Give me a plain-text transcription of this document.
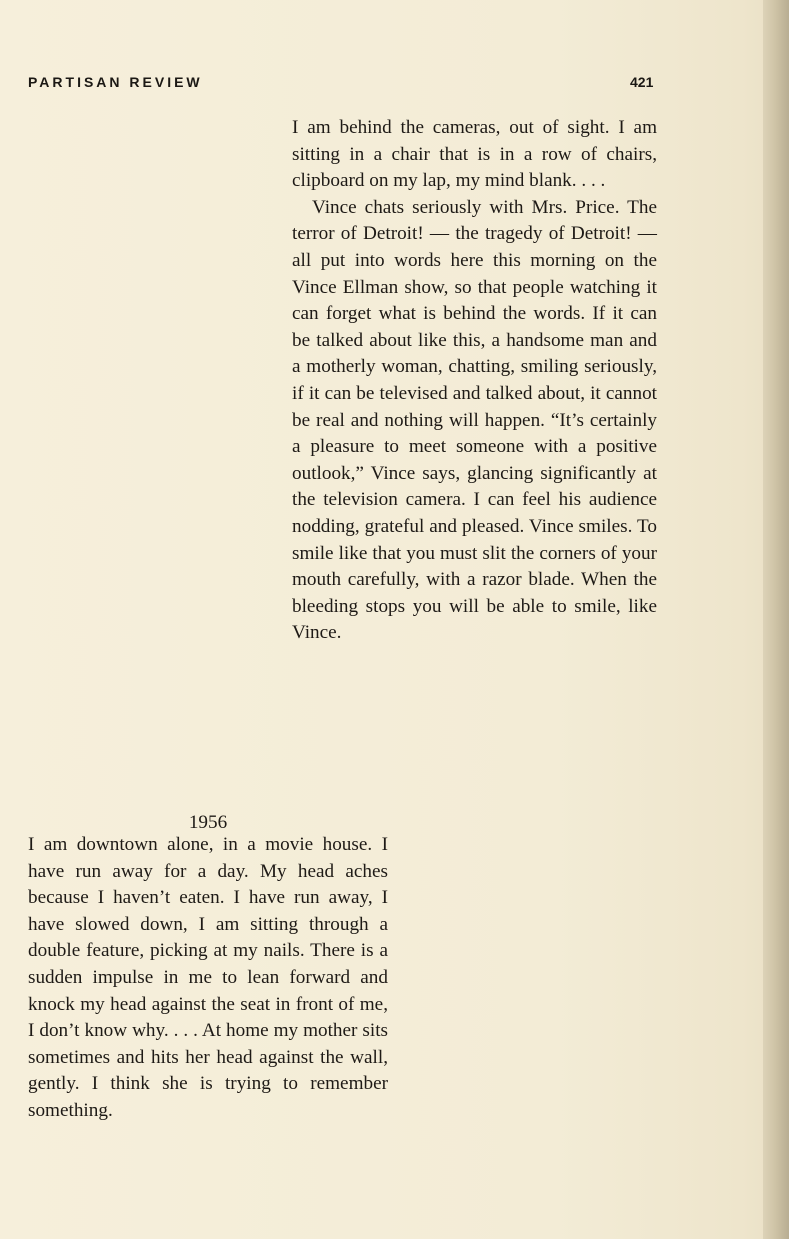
PARTISAN REVIEW	421

I am behind the cameras, out of sight. I am sitting in a chair that is in a row of chairs, clipboard on my lap, my mind blank. . . .

Vince chats seriously with Mrs. Price. The terror of Detroit! — the tragedy of Detroit! — all put into words here this morning on the Vince Ellman show, so that people watching it can forget what is behind the words. If it can be talked about like this, a handsome man and a motherly woman, chatting, smiling seriously, if it can be televised and talked about, it cannot be real and nothing will happen. “It’s certainly a pleasure to meet someone with a positive outlook,” Vince says, glancing significantly at the television camera. I can feel his audience nodding, grateful and pleased. Vince smiles. To smile like that you must slit the corners of your mouth carefully, with a razor blade. When the bleeding stops you will be able to smile, like Vince.

1956

I am downtown alone, in a movie house. I have run away for a day. My head aches because I haven’t eaten. I have run away, I have slowed down, I am sitting through a double feature, picking at my nails. There is a sudden impulse in me to lean forward and knock my head against the seat in front of me, I don’t know why. . . . At home my mother sits sometimes and hits her head against the wall, gently. I think she is trying to remember something.
